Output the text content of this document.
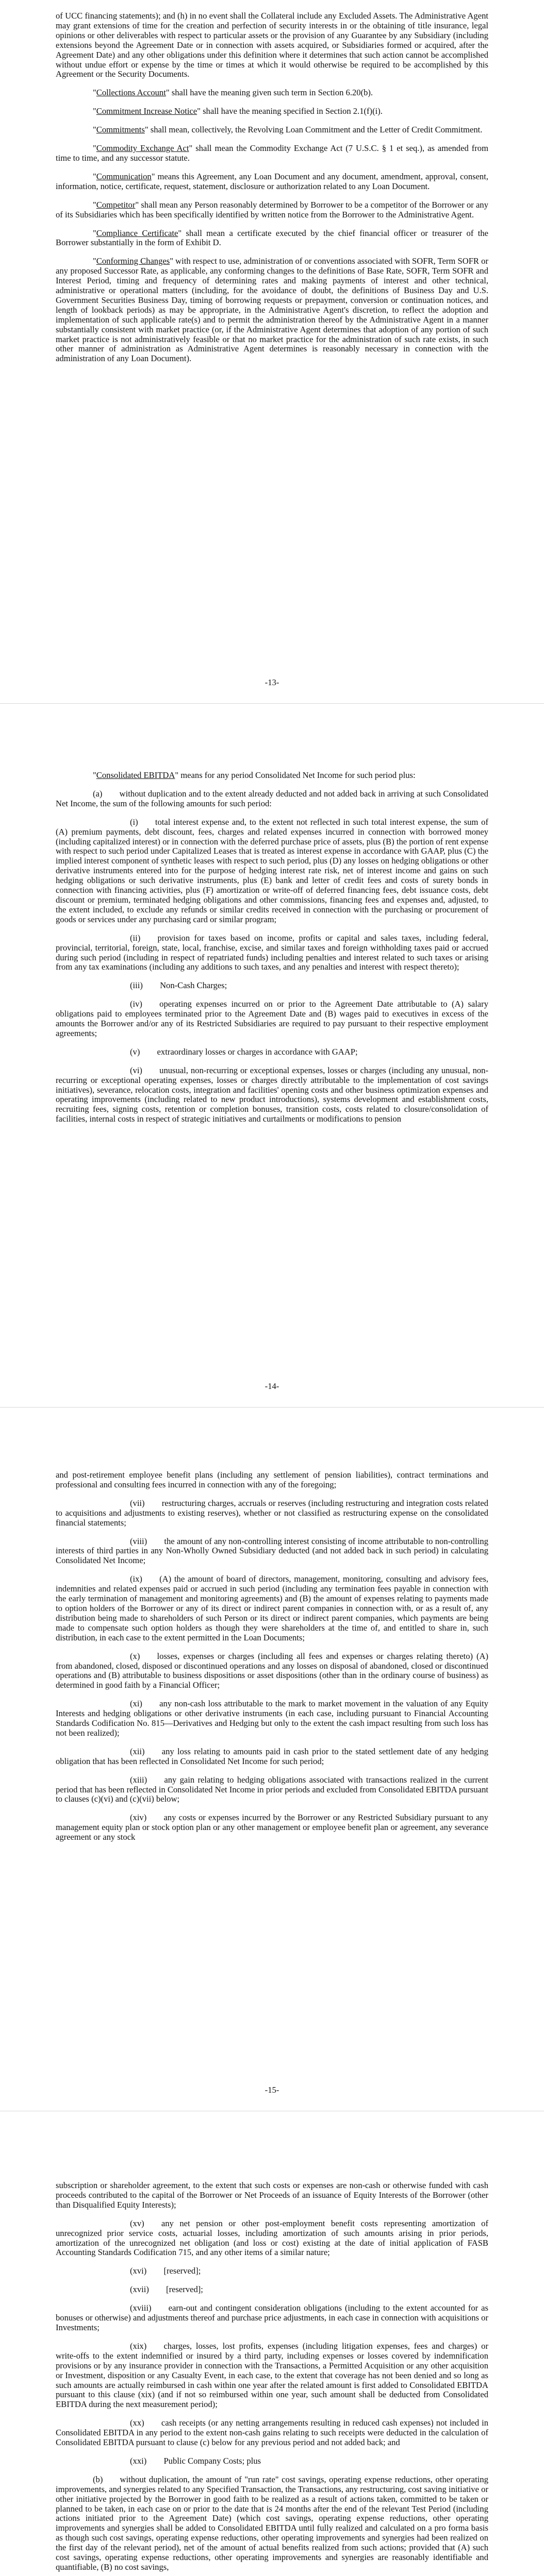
of UCC financing statements); and (h) in no event shall the Collateral include any Excluded Assets. The Administrative Agent may grant extensions of time for the creation and perfection of security interests in or the obtaining of title insurance, legal opinions or other deliverables with respect to particular assets or the provision of any Guarantee by any Subsidiary (including extensions beyond the Agreement Date or in connection with assets acquired, or Subsidiaries formed or acquired, after the Agreement Date) and any other obligations under this definition where it determines that such action cannot be accomplished without undue effort or expense by the time or times at which it would otherwise be required to be accomplished by this Agreement or the Security Documents.

"Collections Account" shall have the meaning given such term in Section 6.20(b).

"Commitment Increase Notice" shall have the meaning specified in Section 2.1(f)(i).

"Commitments" shall mean, collectively, the Revolving Loan Commitment and the Letter of Credit Commitment.

"Commodity Exchange Act" shall mean the Commodity Exchange Act (7 U.S.C. § 1 et seq.), as amended from time to time, and any successor statute.

"Communication" means this Agreement, any Loan Document and any document, amendment, approval, consent, information, notice, certificate, request, statement, disclosure or authorization related to any Loan Document.

"Competitor" shall mean any Person reasonably determined by Borrower to be a competitor of the Borrower or any of its Subsidiaries which has been specifically identified by written notice from the Borrower to the Administrative Agent.

"Compliance Certificate" shall mean a certificate executed by the chief financial officer or treasurer of the Borrower substantially in the form of Exhibit D.

"Conforming Changes" with respect to use, administration of or conventions associated with SOFR, Term SOFR or any proposed Successor Rate, as applicable, any conforming changes to the definitions of Base Rate, SOFR, Term SOFR and Interest Period, timing and frequency of determining rates and making payments of interest and other technical, administrative or operational matters (including, for the avoidance of doubt, the definitions of Business Day and U.S. Government Securities Business Day, timing of borrowing requests or prepayment, conversion or continuation notices, and length of lookback periods) as may be appropriate, in the Administrative Agent's discretion, to reflect the adoption and implementation of such applicable rate(s) and to permit the administration thereof by the Administrative Agent in a manner substantially consistent with market practice (or, if the Administrative Agent determines that adoption of any portion of such market practice is not administratively feasible or that no market practice for the administration of such rate exists, in such other manner of administration as Administrative Agent determines is reasonably necessary in connection with the administration of any Loan Document).

-13-

"Consolidated EBITDA" means for any period Consolidated Net Income for such period plus:

(a)  without duplication and to the extent already deducted and not added back in arriving at such Consolidated Net Income, the sum of the following amounts for such period:

(i)  total interest expense and, to the extent not reflected in such total interest expense, the sum of (A) premium payments, debt discount, fees, charges and related expenses incurred in connection with borrowed money (including capitalized interest) or in connection with the deferred purchase price of assets, plus (B) the portion of rent expense with respect to such period under Capitalized Leases that is treated as interest expense in accordance with GAAP, plus (C) the implied interest component of synthetic leases with respect to such period, plus (D) any losses on hedging obligations or other derivative instruments entered into for the purpose of hedging interest rate risk, net of interest income and gains on such hedging obligations or such derivative instruments, plus (E) bank and letter of credit fees and costs of surety bonds in connection with financing activities, plus (F) amortization or write-off of deferred financing fees, debt issuance costs, debt discount or premium, terminated hedging obligations and other commissions, financing fees and expenses and, adjusted, to the extent included, to exclude any refunds or similar credits received in connection with the purchasing or procurement of goods or services under any purchasing card or similar program;

(ii)  provision for taxes based on income, profits or capital and sales taxes, including federal, provincial, territorial, foreign, state, local, franchise, excise, and similar taxes and foreign withholding taxes paid or accrued during such period (including in respect of repatriated funds) including penalties and interest related to such taxes or arising from any tax examinations (including any additions to such taxes, and any penalties and interest with respect thereto);

(iii)  Non-Cash Charges;

(iv)  operating expenses incurred on or prior to the Agreement Date attributable to (A) salary obligations paid to employees terminated prior to the Agreement Date and (B) wages paid to executives in excess of the amounts the Borrower and/or any of its Restricted Subsidiaries are required to pay pursuant to their respective employment agreements;

(v)  extraordinary losses or charges in accordance with GAAP;

(vi)  unusual, non-recurring or exceptional expenses, losses or charges (including any unusual, non-recurring or exceptional operating expenses, losses or charges directly attributable to the implementation of cost savings initiatives), severance, relocation costs, integration and facilities' opening costs and other business optimization expenses and operating improvements (including related to new product introductions), systems development and establishment costs, recruiting fees, signing costs, retention or completion bonuses, transition costs, costs related to closure/consolidation of facilities, internal costs in respect of strategic initiatives and curtailments or modifications to pension

-14-

and post-retirement employee benefit plans (including any settlement of pension liabilities), contract terminations and professional and consulting fees incurred in connection with any of the foregoing;

(vii)  restructuring charges, accruals or reserves (including restructuring and integration costs related to acquisitions and adjustments to existing reserves), whether or not classified as restructuring expense on the consolidated financial statements;

(viii)  the amount of any non-controlling interest consisting of income attributable to non-controlling interests of third parties in any Non-Wholly Owned Subsidiary deducted (and not added back in such period) in calculating Consolidated Net Income;

(ix)  (A) the amount of board of directors, management, monitoring, consulting and advisory fees, indemnities and related expenses paid or accrued in such period (including any termination fees payable in connection with the early termination of management and monitoring agreements) and (B) the amount of expenses relating to payments made to option holders of the Borrower or any of its direct or indirect parent companies in connection with, or as a result of, any distribution being made to shareholders of such Person or its direct or indirect parent companies, which payments are being made to compensate such option holders as though they were shareholders at the time of, and entitled to share in, such distribution, in each case to the extent permitted in the Loan Documents;

(x)  losses, expenses or charges (including all fees and expenses or charges relating thereto) (A) from abandoned, closed, disposed or discontinued operations and any losses on disposal of abandoned, closed or discontinued operations and (B) attributable to business dispositions or asset dispositions (other than in the ordinary course of business) as determined in good faith by a Financial Officer;

(xi)  any non-cash loss attributable to the mark to market movement in the valuation of any Equity Interests and hedging obligations or other derivative instruments (in each case, including pursuant to Financial Accounting Standards Codification No. 815—Derivatives and Hedging but only to the extent the cash impact resulting from such loss has not been realized);

(xii)  any loss relating to amounts paid in cash prior to the stated settlement date of any hedging obligation that has been reflected in Consolidated Net Income for such period;

(xiii)  any gain relating to hedging obligations associated with transactions realized in the current period that has been reflected in Consolidated Net Income in prior periods and excluded from Consolidated EBITDA pursuant to clauses (c)(vi) and (c)(vii) below;

(xiv)  any costs or expenses incurred by the Borrower or any Restricted Subsidiary pursuant to any management equity plan or stock option plan or any other management or employee benefit plan or agreement, any severance agreement or any stock

-15-

subscription or shareholder agreement, to the extent that such costs or expenses are non-cash or otherwise funded with cash proceeds contributed to the capital of the Borrower or Net Proceeds of an issuance of Equity Interests of the Borrower (other than Disqualified Equity Interests);

(xv)  any net pension or other post-employment benefit costs representing amortization of unrecognized prior service costs, actuarial losses, including amortization of such amounts arising in prior periods, amortization of the unrecognized net obligation (and loss or cost) existing at the date of initial application of FASB Accounting Standards Codification 715, and any other items of a similar nature;

(xvi)  [reserved];

(xvii)  [reserved];

(xviii)  earn-out and contingent consideration obligations (including to the extent accounted for as bonuses or otherwise) and adjustments thereof and purchase price adjustments, in each case in connection with acquisitions or Investments;

(xix)  charges, losses, lost profits, expenses (including litigation expenses, fees and charges) or write-offs to the extent indemnified or insured by a third party, including expenses or losses covered by indemnification provisions or by any insurance provider in connection with the Transactions, a Permitted Acquisition or any other acquisition or Investment, disposition or any Casualty Event, in each case, to the extent that coverage has not been denied and so long as such amounts are actually reimbursed in cash within one year after the related amount is first added to Consolidated EBITDA pursuant to this clause (xix) (and if not so reimbursed within one year, such amount shall be deducted from Consolidated EBITDA during the next measurement period);

(xx)  cash receipts (or any netting arrangements resulting in reduced cash expenses) not included in Consolidated EBITDA in any period to the extent non-cash gains relating to such receipts were deducted in the calculation of Consolidated EBITDA pursuant to clause (c) below for any previous period and not added back; and

(xxi)  Public Company Costs; plus

(b)  without duplication, the amount of "run rate" cost savings, operating expense reductions, other operating improvements, and synergies related to any Specified Transaction, the Transactions, any restructuring, cost saving initiative or other initiative projected by the Borrower in good faith to be realized as a result of actions taken, committed to be taken or planned to be taken, in each case on or prior to the date that is 24 months after the end of the relevant Test Period (including actions initiated prior to the Agreement Date) (which cost savings, operating expense reductions, other operating improvements and synergies shall be added to Consolidated EBITDA until fully realized and calculated on a pro forma basis as though such cost savings, operating expense reductions, other operating improvements and synergies had been realized on the first day of the relevant period), net of the amount of actual benefits realized from such actions; provided that (A) such cost savings, operating expense reductions, other operating improvements and synergies are reasonably identifiable and quantifiable, (B) no cost savings,
